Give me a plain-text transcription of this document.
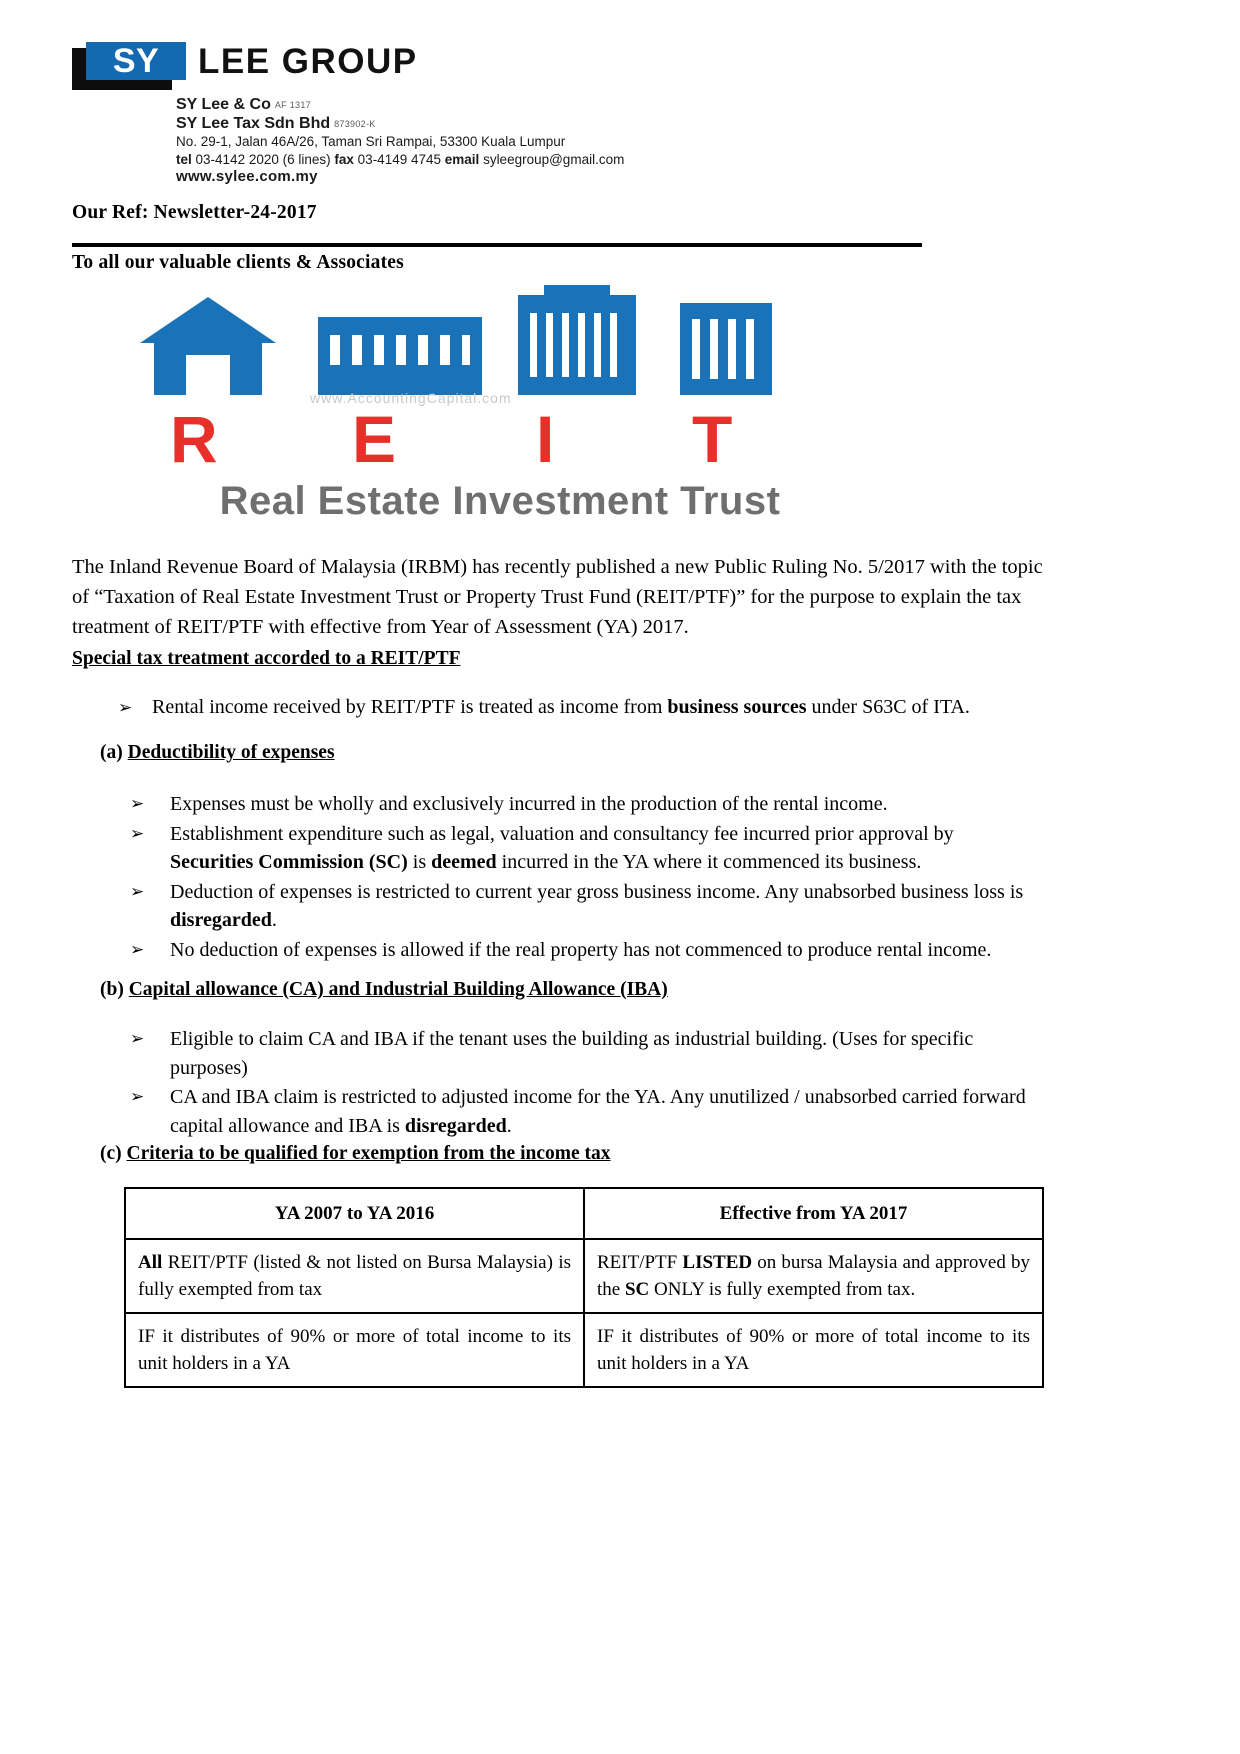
SY	LEE GROUP
SY Lee & Co AF 1317
SY Lee Tax Sdn Bhd 873902-K
No. 29-1, Jalan 46A/26, Taman Sri Rampai, 53300 Kuala Lumpur
tel 03-4142 2020 (6 lines) fax 03-4149 4745 email syleegroup@gmail.com
www.sylee.com.my
Our Ref: Newsletter-24-2017
To all our valuable clients & Associates
R E I T
www.AccountingCapital.com
Real Estate Investment Trust
The Inland Revenue Board of Malaysia (IRBM) has recently published a new Public Ruling No. 5/2017 with the topic of “Taxation of Real Estate Investment Trust or Property Trust Fund (REIT/PTF)” for the purpose to explain the tax treatment of REIT/PTF with effective from Year of Assessment (YA) 2017.
Special tax treatment accorded to a REIT/PTF
➢ Rental income received by REIT/PTF is treated as income from business sources under S63C of ITA.
(a) Deductibility of expenses
➢	Expenses must be wholly and exclusively incurred in the production of the rental income.
➢	Establishment expenditure such as legal, valuation and consultancy fee incurred prior approval by Securities Commission (SC) is deemed incurred in the YA where it commenced its business.
➢	Deduction of expenses is restricted to current year gross business income. Any unabsorbed business loss is disregarded.
➢	No deduction of expenses is allowed if the real property has not commenced to produce rental income.
(b) Capital allowance (CA) and Industrial Building Allowance (IBA)
➢	Eligible to claim CA and IBA if the tenant uses the building as industrial building. (Uses for specific purposes)
➢	CA and IBA claim is restricted to adjusted income for the YA. Any unutilized / unabsorbed carried forward capital allowance and IBA is disregarded.
(c) Criteria to be qualified for exemption from the income tax
YA 2007 to YA 2016	Effective from YA 2017
All REIT/PTF (listed & not listed on Bursa Malaysia) is fully exempted from tax	REIT/PTF LISTED on bursa Malaysia and approved by the SC ONLY is fully exempted from tax.
IF it distributes of 90% or more of total income to its unit holders in a YA	IF it distributes of 90% or more of total income to its unit holders in a YA
